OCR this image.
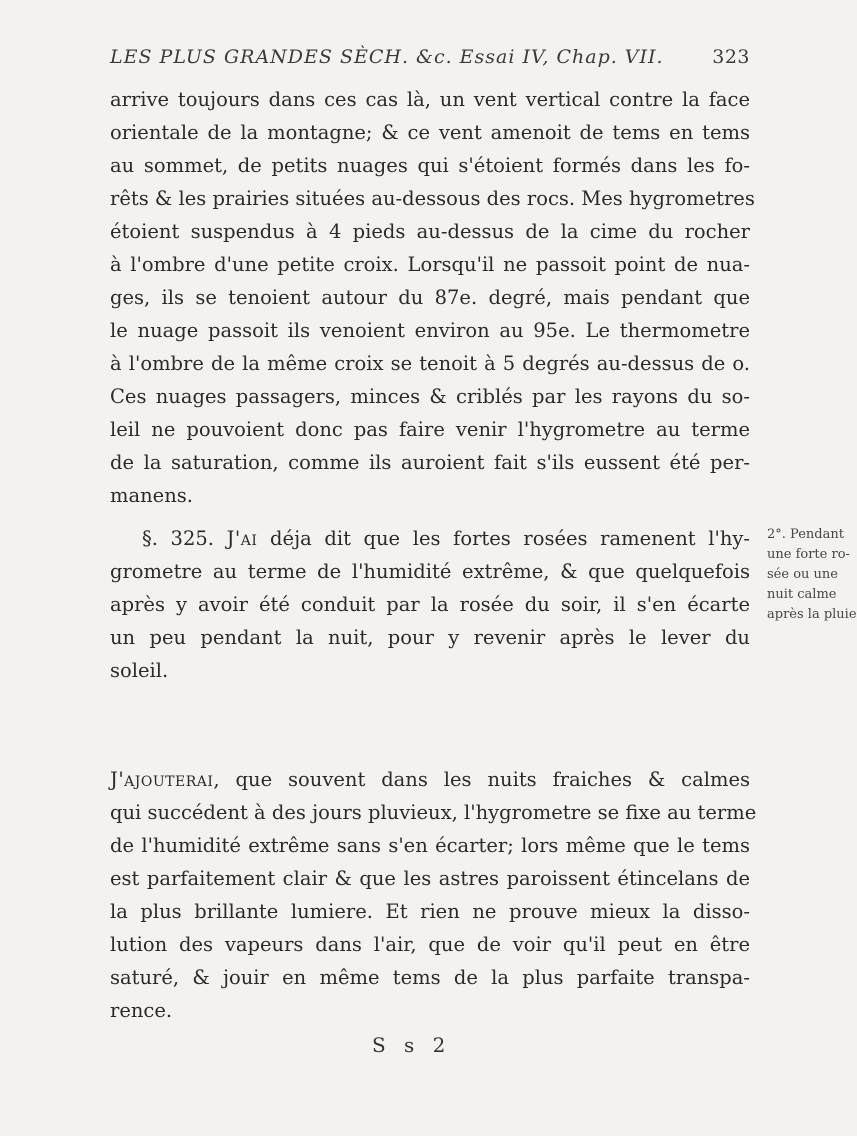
LES PLUS GRANDES SÈCH. &c. Essai IV, Chap. VII.	323
arrive toujours dans ces cas là, un vent vertical contre la face
orientale de la montagne; & ce vent amenoit de tems en tems
au sommet, de petits nuages qui s'étoient formés dans les fo-
rêts & les prairies situées au-dessous des rocs. Mes hygrometres
étoient suspendus à 4 pieds au-dessus de la cime du rocher
à l'ombre d'une petite croix. Lorsqu'il ne passoit point de nua-
ges, ils se tenoient autour du 87e. degré, mais pendant que
le nuage passoit ils venoient environ au 95e. Le thermometre
à l'ombre de la même croix se tenoit à 5 degrés au-dessus de o.
Ces nuages passagers, minces & criblés par les rayons du so-
leil ne pouvoient donc pas faire venir l'hygrometre au terme
de la saturation, comme ils auroient fait s'ils eussent été per-
manens.
§. 325. J'ai déja dit que les fortes rosées ramenent l'hy-
grometre au terme de l'humidité extrême, & que quelquefois
après y avoir été conduit par la rosée du soir, il s'en écarte
un peu pendant la nuit, pour y revenir après le lever du
soleil.
2°. Pendant
une forte ro-
sée ou une
nuit calme
après la pluie
J'ajouterai, que souvent dans les nuits fraiches & calmes
qui succédent à des jours pluvieux, l'hygrometre se fixe au terme
de l'humidité extrême sans s'en écarter; lors même que le tems
est parfaitement clair & que les astres paroissent étincelans de
la plus brillante lumiere. Et rien ne prouve mieux la disso-
lution des vapeurs dans l'air, que de voir qu'il peut en être
saturé, & jouir en même tems de la plus parfaite transpa-
rence.
S s 2
